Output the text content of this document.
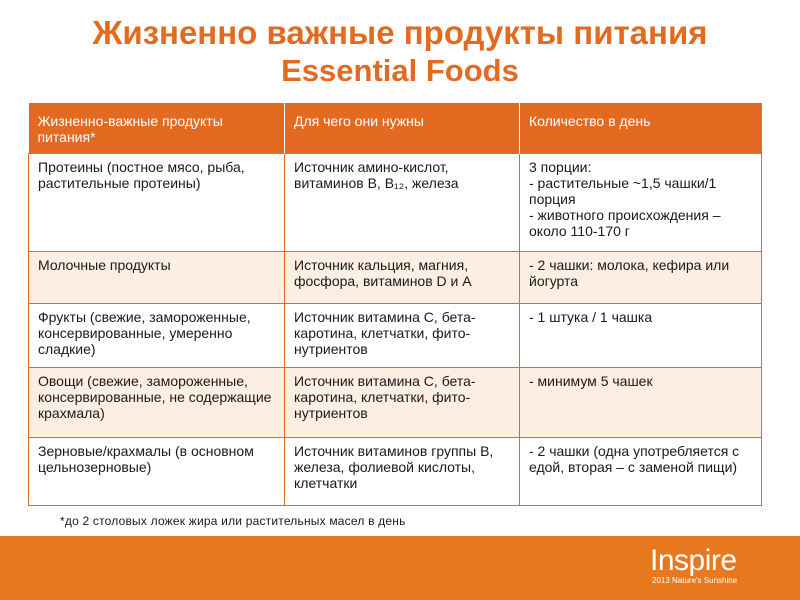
Жизненно важные продукты питания
Essential Foods
Жизненно-важные продукты питания*	Для чего они нужны	Количество в день
Протеины (постное мясо, рыба, растительные протеины)	Источник амино-кислот, витаминов B, B₁₂, железа	3 порции:
- растительные ~1,5 чашки/1 порция
- животного происхождения – около 110-170 г

Молочные продукты	Источник кальция, магния, фосфора, витаминов D и A	- 2 чашки: молока, кефира или йогурта

Фрукты (свежие, замороженные, консервированные, умеренно сладкие)	Источник витамина С, бета-каротина, клетчатки, фито-нутриентов	- 1 штука / 1 чашка

Овощи (свежие, замороженные, консервированные, не содержащие крахмала)	Источник витамина С, бета-каротина, клетчатки, фито-нутриентов	- минимум 5 чашек

Зерновые/крахмалы (в основном цельнозерновые)	Источник витаминов группы В, железа, фолиевой кислоты, клетчатки	- 2 чашки (одна употребляется с едой, вторая – с заменой пищи)
*до 2 столовых ложек жира или растительных масел в день
Inspire
2013 Nature's Sunshine
